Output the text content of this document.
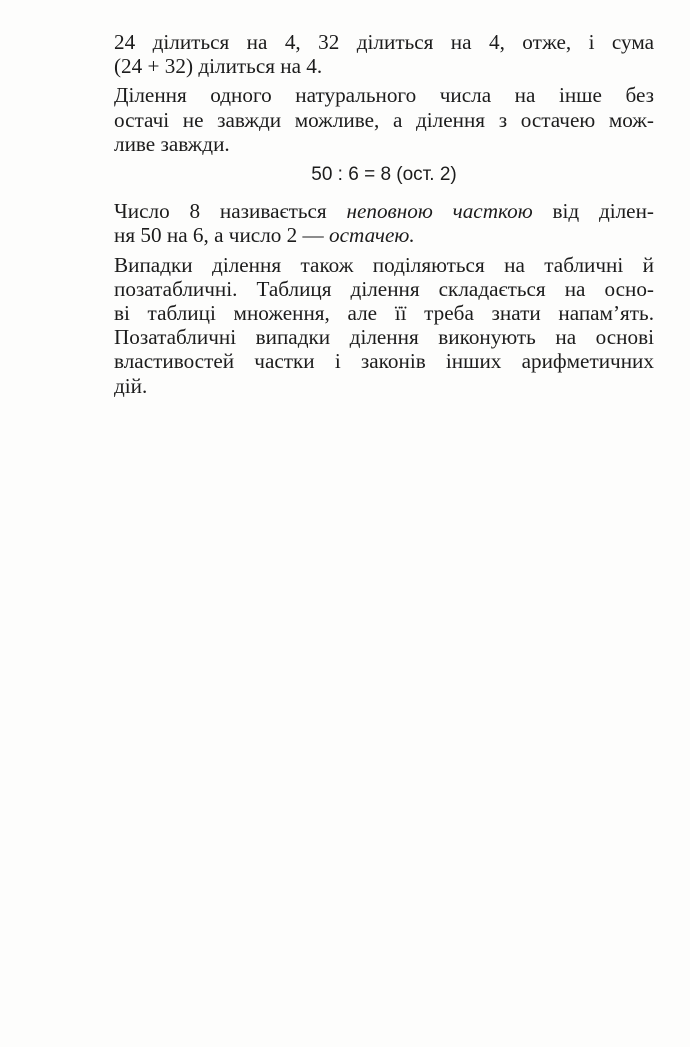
24 ділиться на 4, 32 ділиться на 4, отже, і сума
(24 + 32) ділиться на 4.
Ділення одного натурального числа на інше без
остачі не завжди можливе, а ділення з остачею мож-
ливе завжди.
50 : 6 = 8 (ост. 2)
Число 8 називається неповною часткою від ділен-
ня 50 на 6, а число 2 — остачею.
Випадки ділення також поділяються на табличні й
позатабличні. Таблиця ділення складається на осно-
ві таблиці множення, але її треба знати напам’ять.
Позатабличні випадки ділення виконують на основі
властивостей частки і законів інших арифметичних
дій.
